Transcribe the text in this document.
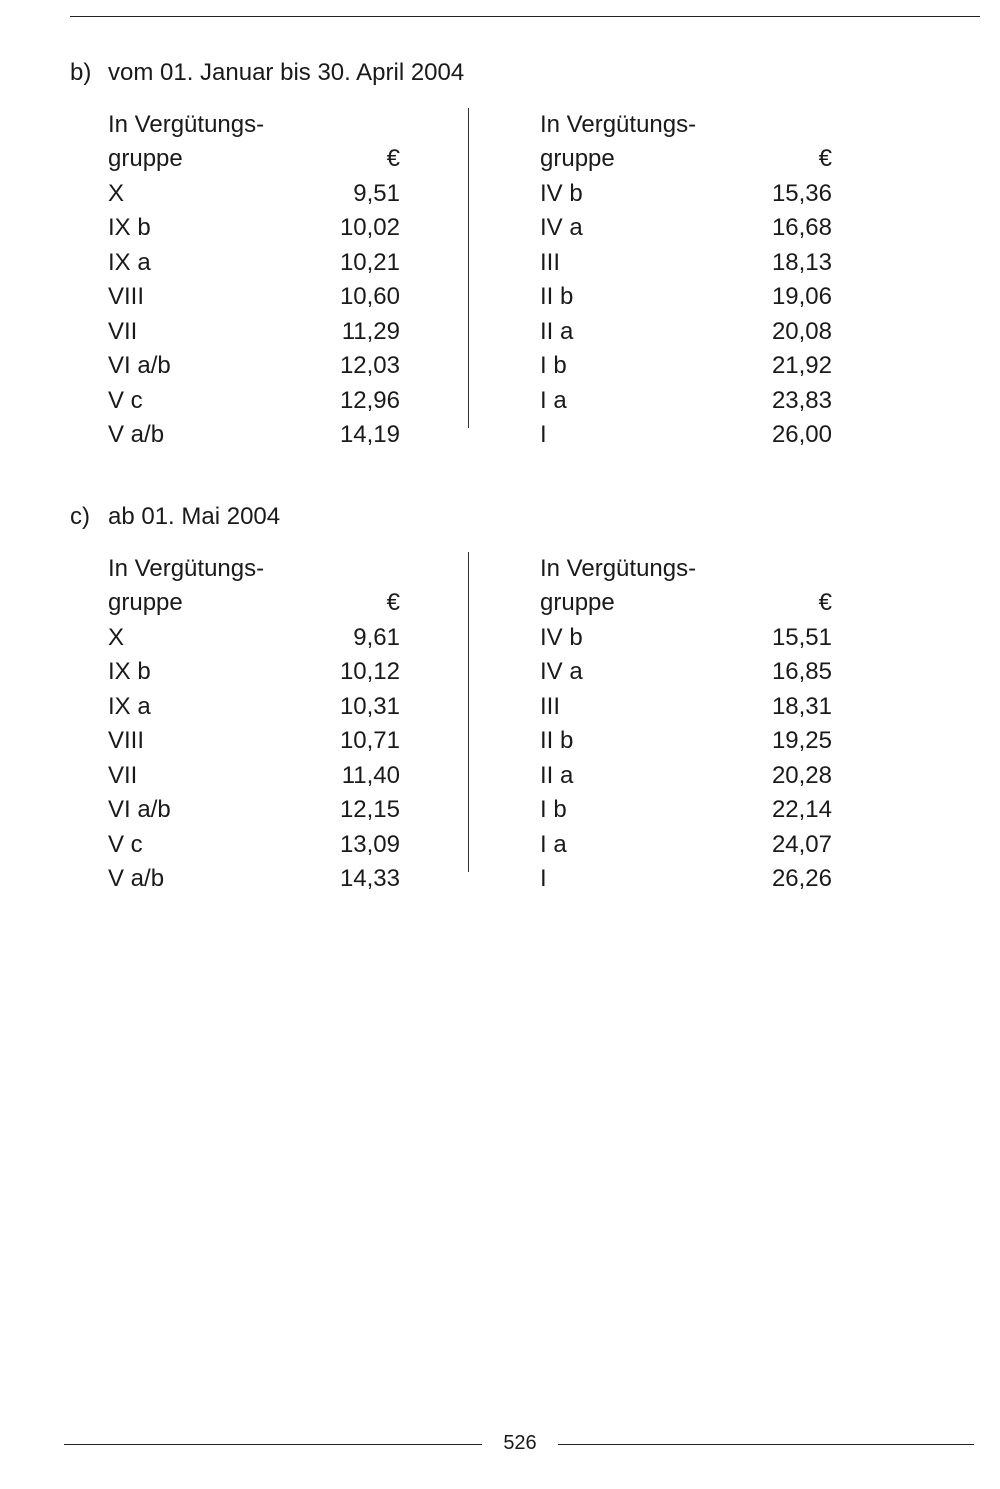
b) vom 01. Januar bis 30. April 2004
In Vergütungs-
gruppe	€
X	9,51
IX b	10,02
IX a	10,21
VIII	10,60
VII	11,29
VI a/b	12,03
V c	12,96
V a/b	14,19
In Vergütungs-
gruppe	€
IV b	15,36
IV a	16,68
III	18,13
II b	19,06
II a	20,08
I b	21,92
I a	23,83
I	26,00
c) ab 01. Mai 2004
In Vergütungs-
gruppe	€
X	9,61
IX b	10,12
IX a	10,31
VIII	10,71
VII	11,40
VI a/b	12,15
V c	13,09
V a/b	14,33
In Vergütungs-
gruppe	€
IV b	15,51
IV a	16,85
III	18,31
II b	19,25
II a	20,28
I b	22,14
I a	24,07
I	26,26
526
